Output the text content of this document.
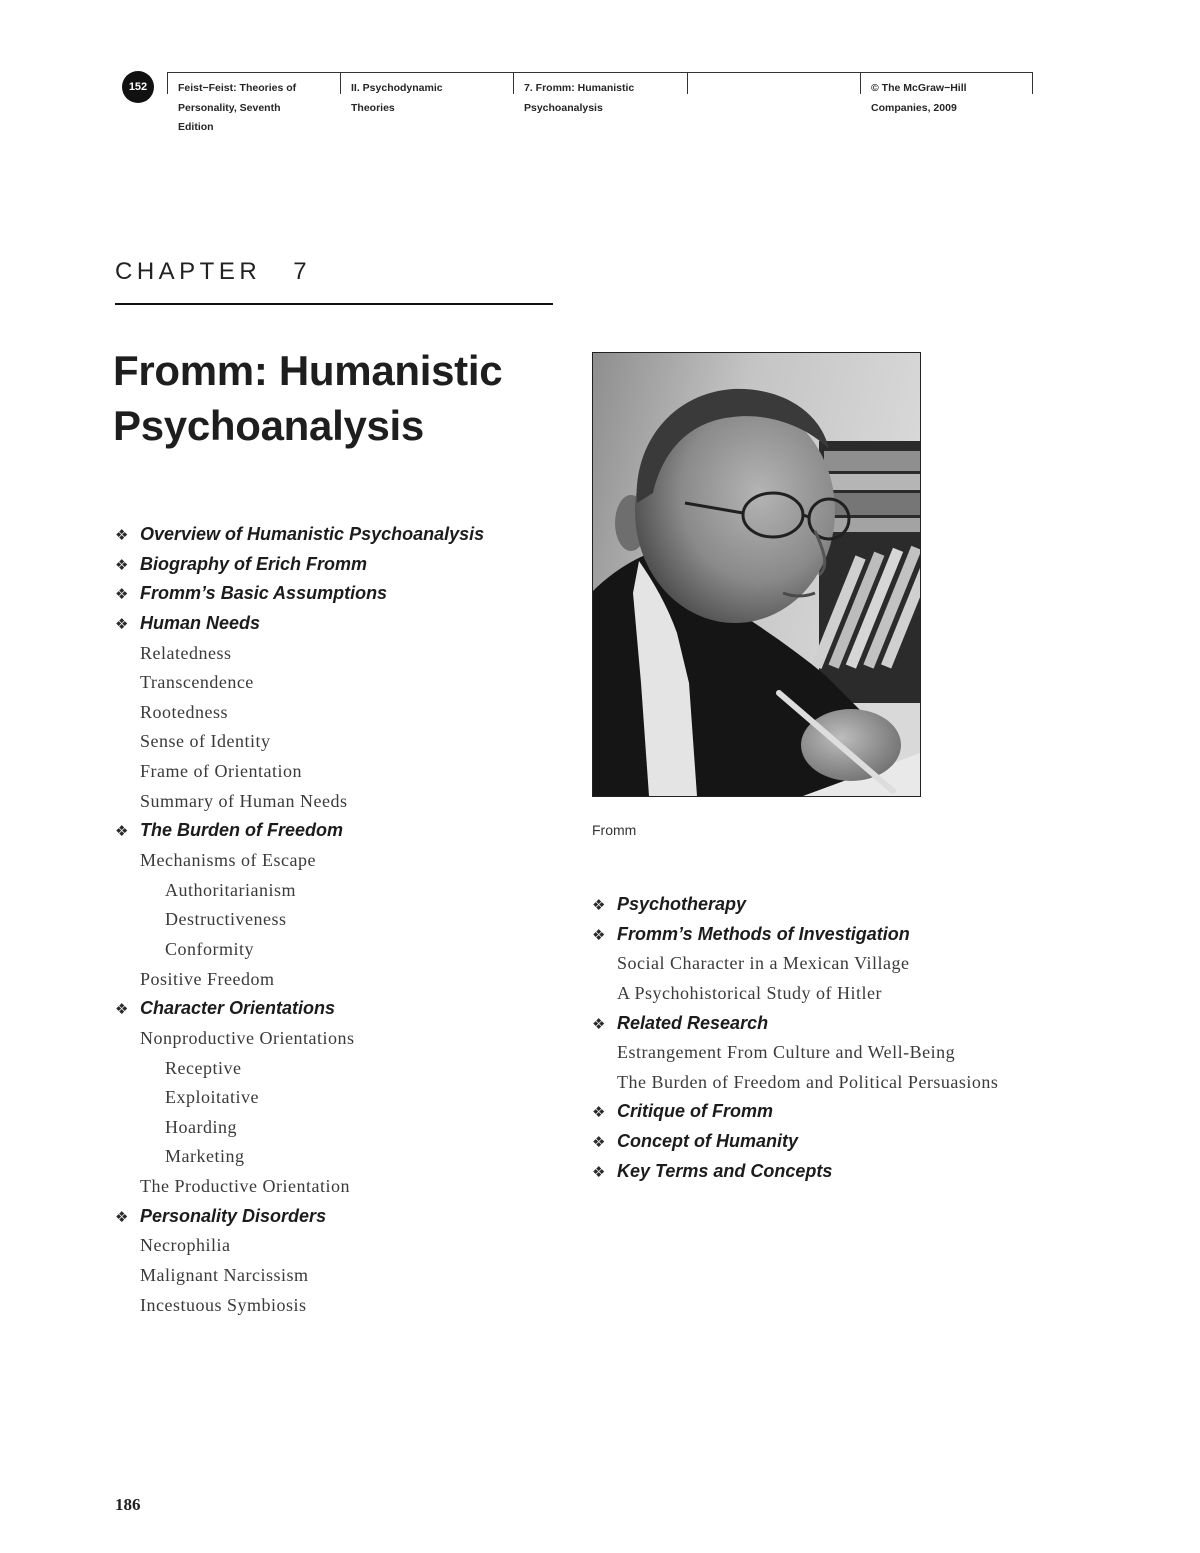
152	Feist−Feist: Theories of
Personality, Seventh
Edition
II. Psychodynamic
Theories
7. Fromm: Humanistic
Psychoanalysis
© The McGraw−Hill
Companies, 2009
CHAPTER 7
Fromm: Humanistic
Psychoanalysis
❖Overview of Humanistic Psychoanalysis
❖Biography of Erich Fromm
❖Fromm’s Basic Assumptions
❖Human Needs
Relatedness
Transcendence
Rootedness
Sense of Identity
Frame of Orientation
Summary of Human Needs
❖The Burden of Freedom
Mechanisms of Escape
Authoritarianism
Destructiveness
Conformity
Positive Freedom
❖Character Orientations
Nonproductive Orientations
Receptive
Exploitative
Hoarding
Marketing
The Productive Orientation
❖Personality Disorders
Necrophilia
Malignant Narcissism
Incestuous Symbiosis
Fromm
❖Psychotherapy
❖Fromm’s Methods of Investigation
Social Character in a Mexican Village
A Psychohistorical Study of Hitler
❖Related Research
Estrangement From Culture and Well-Being
The Burden of Freedom and Political Persuasions
❖Critique of Fromm
❖Concept of Humanity
❖Key Terms and Concepts
186
